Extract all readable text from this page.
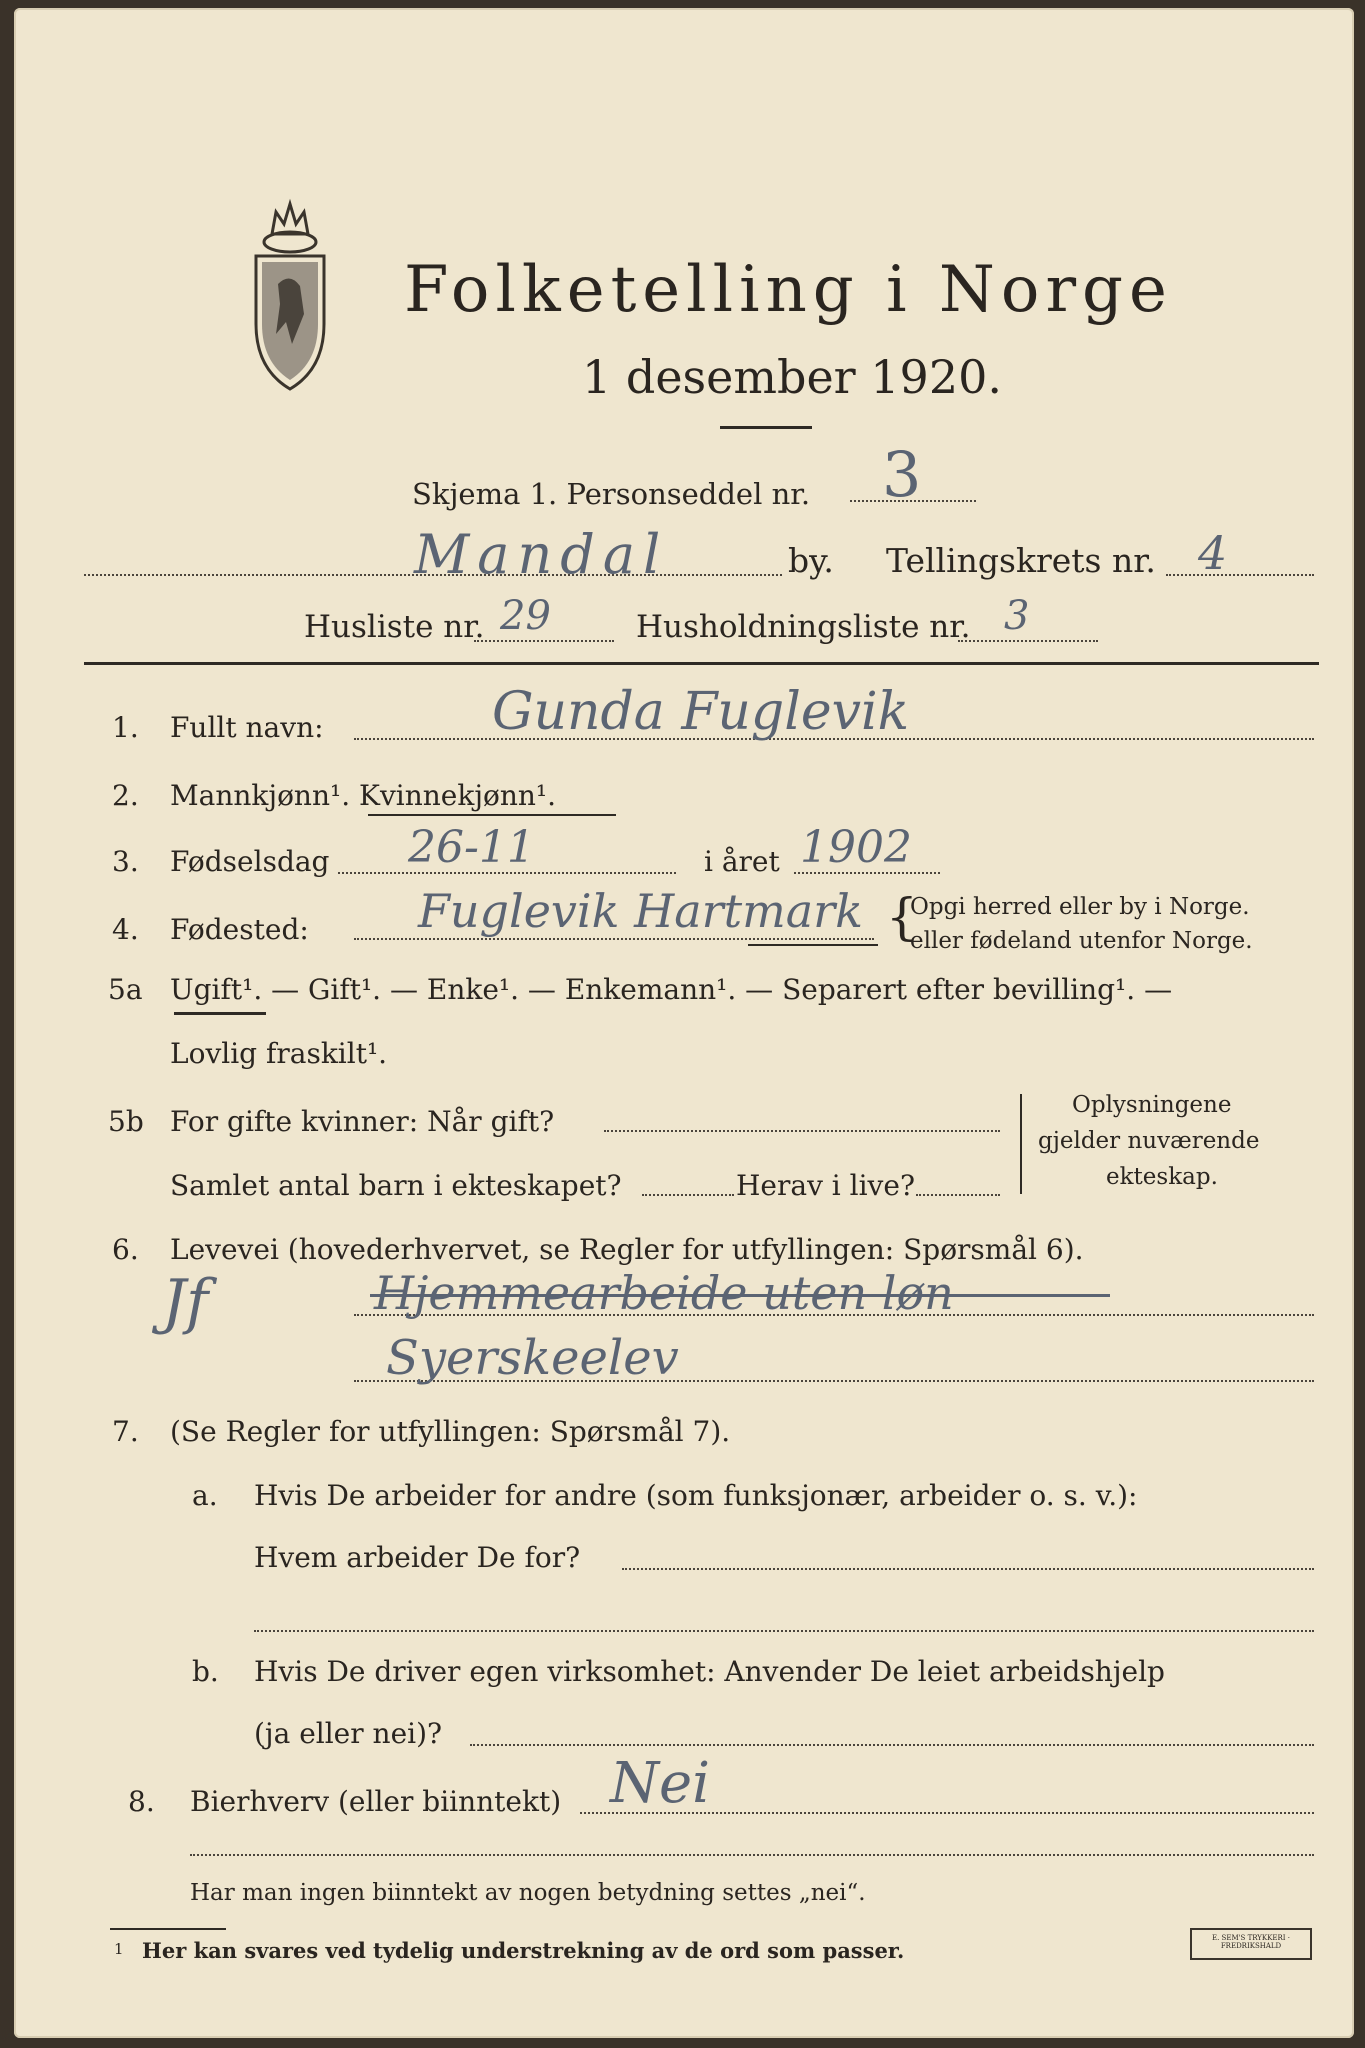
Folketelling i Norge
1 desember 1920.
Skjema 1. Personseddel nr. 3
Mandal	by. Tellingskrets nr. 4
Husliste nr. 29	Husholdningsliste nr. 3
1. Fullt navn:	Gunda Fuglevik
2. Mannkjønn¹. Kvinnekjønn¹.
3. Fødselsdag 26-11	i året 1902
4. Fødested: Fuglevik Hartmark {
Opgi herred eller by i Norge.
eller fødeland utenfor Norge.
5a Ugift¹. — Gift¹. — Enke¹. — Enkemann¹. — Separert efter bevilling¹. —
Lovlig fraskilt¹.
5b For gifte kvinner: Når gift?
Samlet antal barn i ekteskapet?	Herav i live?
Oplysningene
gjelder nuværende
ekteskap.
6. Levevei (hovederhvervet, se Regler for utfyllingen: Spørsmål 6).
Jf	Hjemmearbeide uten løn
Syerskeelev
7. (Se Regler for utfyllingen: Spørsmål 7).
a. Hvis De arbeider for andre (som funksjonær, arbeider o. s. v.):
Hvem arbeider De for?
b. Hvis De driver egen virksomhet: Anvender De leiet arbeidshjelp
(ja eller nei)?
8. Bierhverv (eller biinntekt) Nei
Har man ingen biinntekt av nogen betydning settes „nei“.
1 Her kan svares ved tydelig understrekning av de ord som passer.	E. SEM'S TRYKKERI · FREDRIKSHALD
